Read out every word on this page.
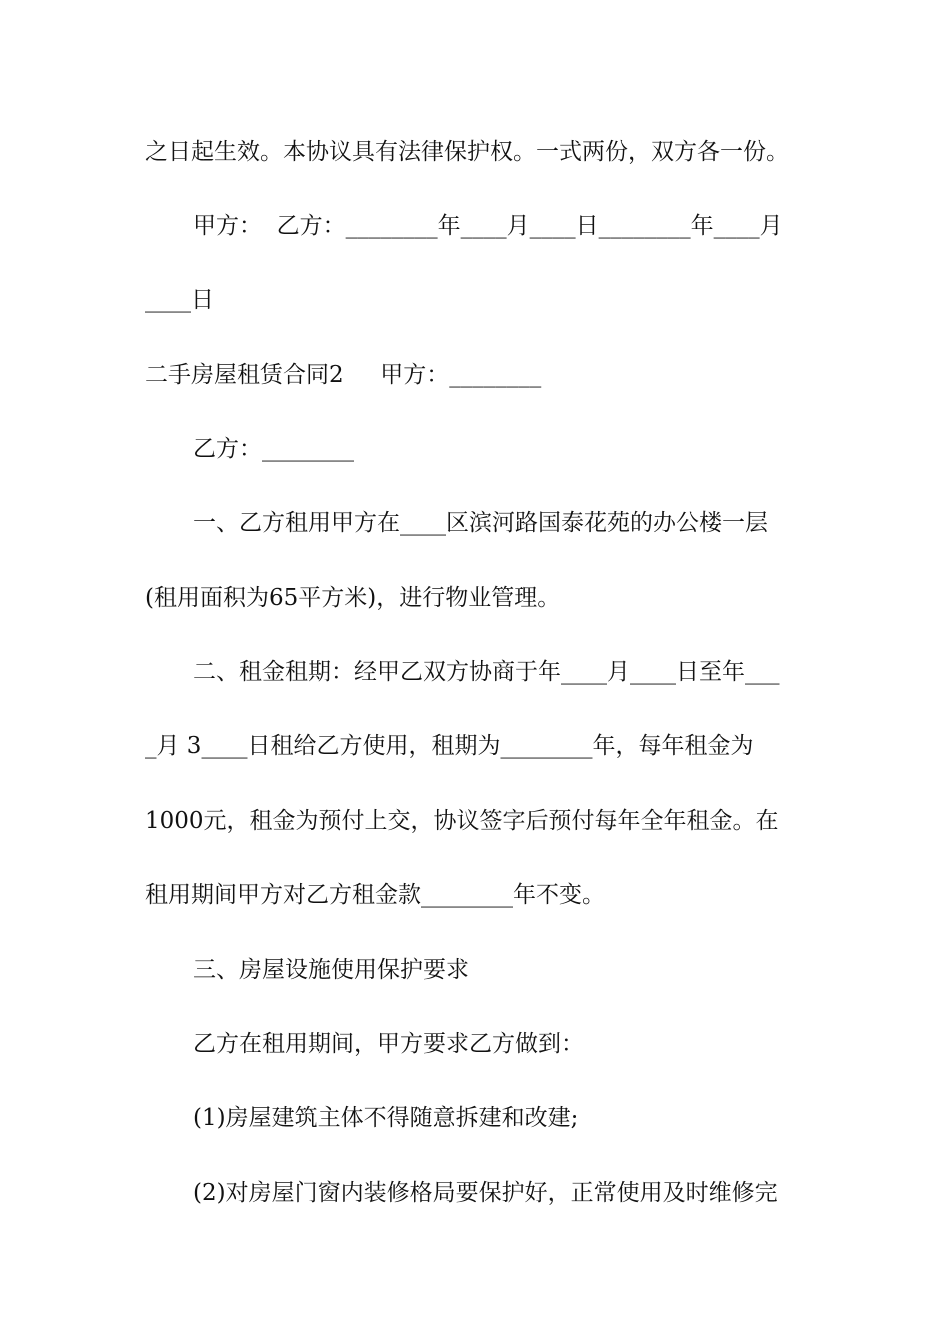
之日起生效。本协议具有法律保护权。一式两份，双方各一份。
甲方：  乙方：________年____月____日________年____月
____日
二手房屋租赁合同2     甲方：________
乙方：________
一、乙方租用甲方在____区滨河路国泰花苑的办公楼一层
(租用面积为65平方米)，进行物业管理。
二、租金租期：经甲乙双方协商于年____月____日至年___
_月 3____日租给乙方使用，租期为________年，每年租金为
1000元，租金为预付上交，协议签字后预付每年全年租金。在
租用期间甲方对乙方租金款________年不变。
三、房屋设施使用保护要求
乙方在租用期间，甲方要求乙方做到：
(1)房屋建筑主体不得随意拆建和改建;
(2)对房屋门窗内装修格局要保护好，正常使用及时维修完
